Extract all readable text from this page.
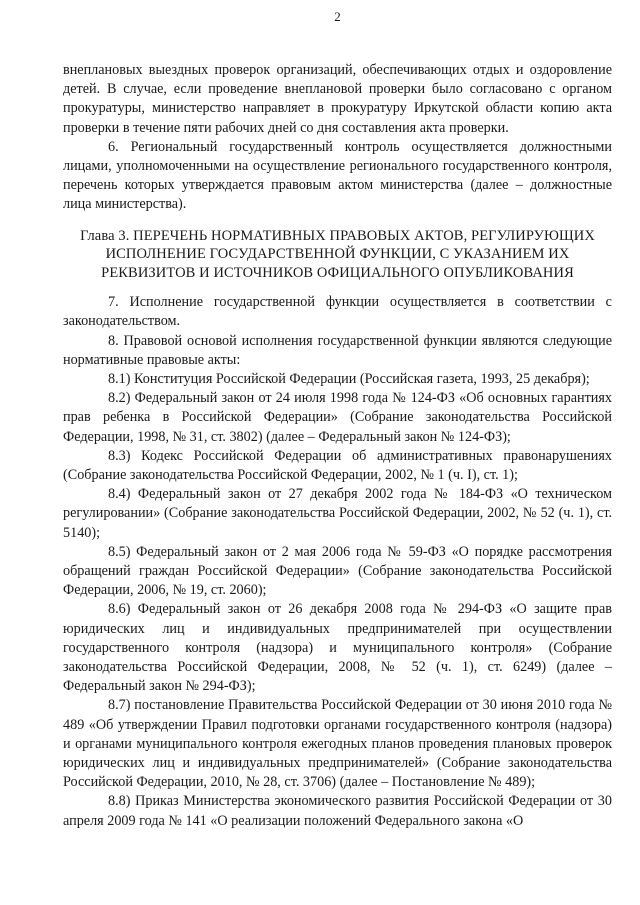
2

внеплановых выездных проверок организаций, обеспечивающих отдых и оздоровление детей. В случае, если проведение внеплановой проверки было согласовано с органом прокуратуры, министерство направляет в прокуратуру Иркутской области копию акта проверки в течение пяти рабочих дней со дня составления акта проверки.

6. Региональный государственный контроль осуществляется должностными лицами, уполномоченными на осуществление регионального государственного контроля, перечень которых утверждается правовым актом министерства (далее – должностные лица министерства).

Глава 3. ПЕРЕЧЕНЬ НОРМАТИВНЫХ ПРАВОВЫХ АКТОВ, РЕГУЛИРУЮЩИХ ИСПОЛНЕНИЕ ГОСУДАРСТВЕННОЙ ФУНКЦИИ, С УКАЗАНИЕМ ИХ РЕКВИЗИТОВ И ИСТОЧНИКОВ ОФИЦИАЛЬНОГО ОПУБЛИКОВАНИЯ

7. Исполнение государственной функции осуществляется в соответствии с законодательством.

8. Правовой основой исполнения государственной функции являются следующие нормативные правовые акты:

8.1) Конституция Российской Федерации (Российская газета, 1993, 25 декабря);

8.2) Федеральный закон от 24 июля 1998 года № 124-ФЗ «Об основных гарантиях прав ребенка в Российской Федерации» (Собрание законодательства Российской Федерации, 1998, № 31, ст. 3802) (далее – Федеральный закон № 124-ФЗ);

8.3) Кодекс Российской Федерации об административных правонарушениях (Собрание законодательства Российской Федерации, 2002, № 1 (ч. I), ст. 1);

8.4) Федеральный закон от 27 декабря 2002 года № 184-ФЗ «О техническом регулировании» (Собрание законодательства Российской Федерации, 2002, № 52 (ч. 1), ст. 5140);

8.5) Федеральный закон от 2 мая 2006 года № 59-ФЗ «О порядке рассмотрения обращений граждан Российской Федерации» (Собрание законодательства Российской Федерации, 2006, № 19, ст. 2060);

8.6) Федеральный закон от 26 декабря 2008 года № 294-ФЗ «О защите прав юридических лиц и индивидуальных предпринимателей при осуществлении государственного контроля (надзора) и муниципального контроля» (Собрание законодательства Российской Федерации, 2008, № 52 (ч. 1), ст. 6249) (далее – Федеральный закон № 294-ФЗ);

8.7) постановление Правительства Российской Федерации от 30 июня 2010 года № 489 «Об утверждении Правил подготовки органами государственного контроля (надзора) и органами муниципального контроля ежегодных планов проведения плановых проверок юридических лиц и индивидуальных предпринимателей» (Собрание законодательства Российской Федерации, 2010, № 28, ст. 3706) (далее – Постановление № 489);

8.8) Приказ Министерства экономического развития Российской Федерации от 30 апреля 2009 года № 141 «О реализации положений Федерального закона «О
